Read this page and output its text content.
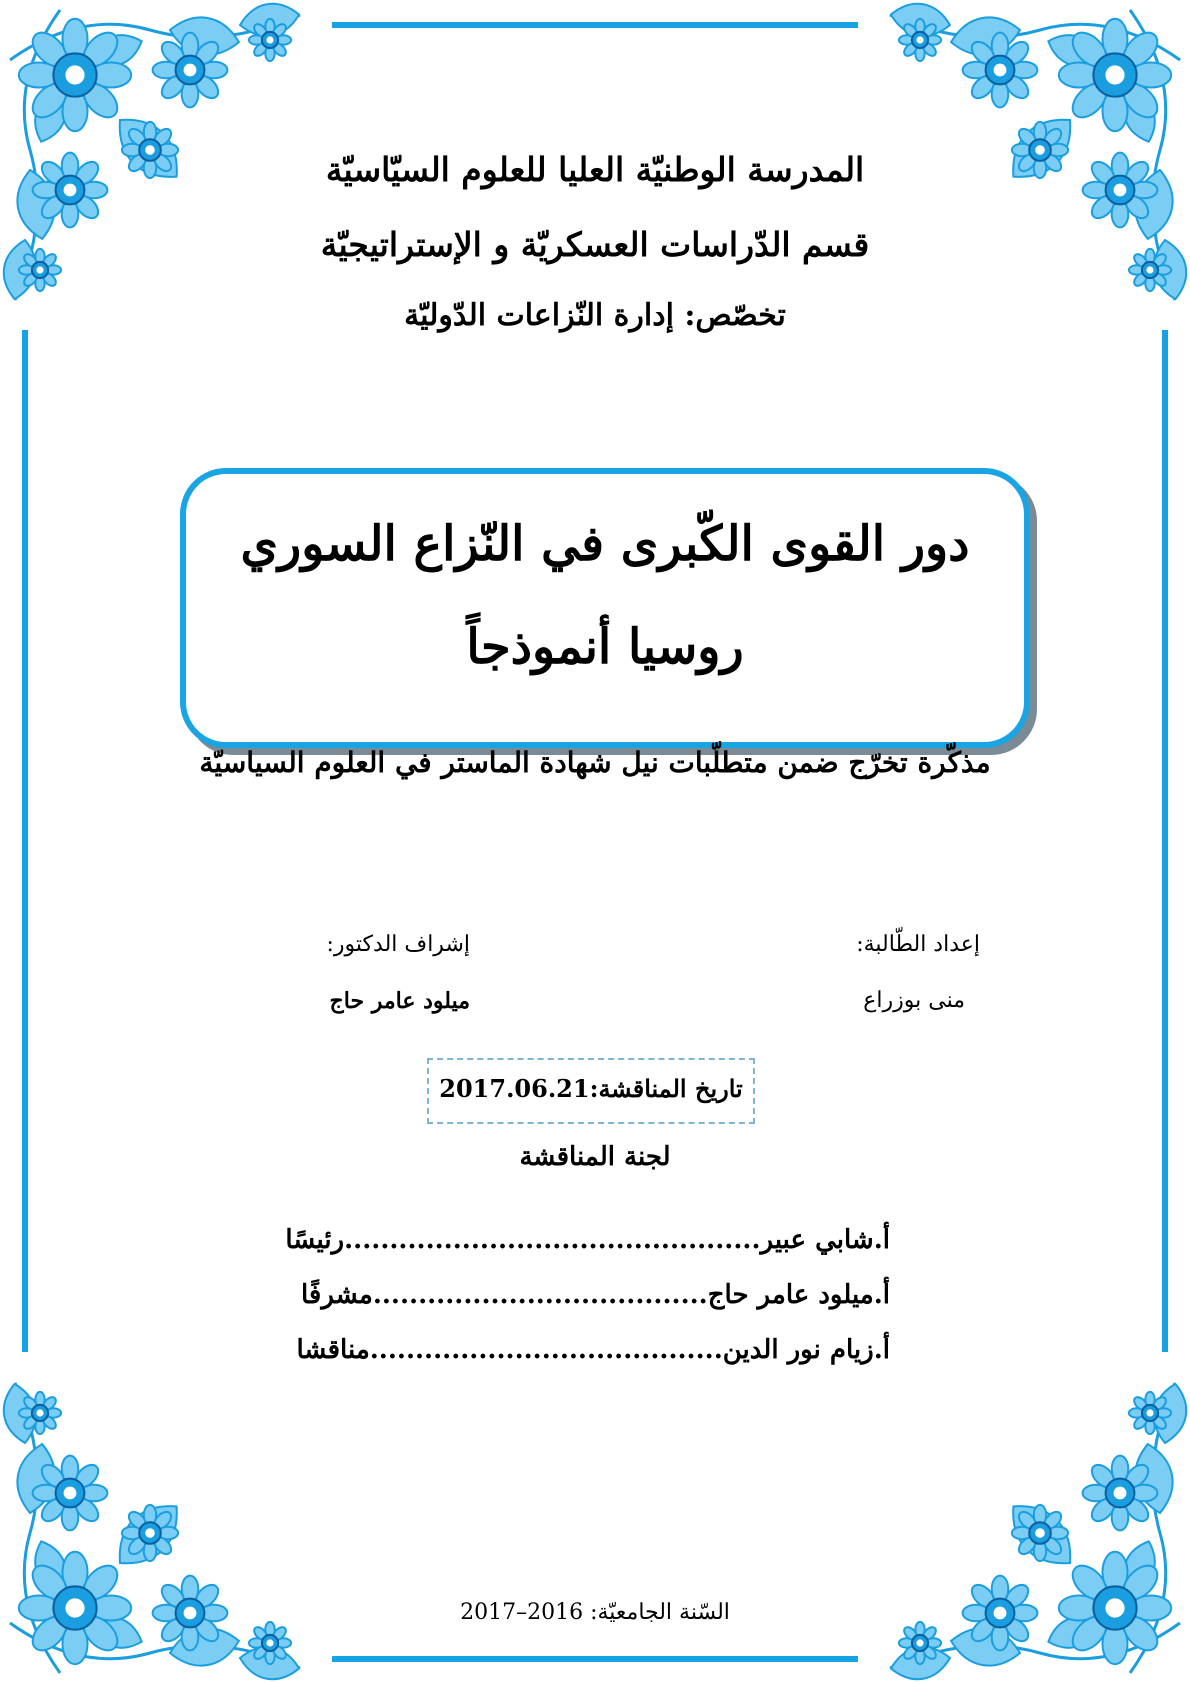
المدرسة الوطنيّة العليا للعلوم السيّاسيّة
قسم الدّراسات العسكريّة و الإستراتيجيّة
تخصّص: إدارة النّزاعات الدّوليّة
دور القوى الكّبرى في النّزاع السوري
روسيا أنموذجاً
مذكّرة تخرّج ضمن متطلّبات نيل شهادة الماستر في العلوم السياسيّة
إعداد الطّالبة:
منى بوزراع
إشراف الدكتور:
ميلود عامر حاج
تاريخ المناقشة:2017.06.21
لجنة المناقشة
أ.شابي عبير..............................................رئيسًا
أ.ميلود عامر حاج.....................................مشرفًا
أ.زيام نور الدين.......................................مناقشا
السّنة الجامعيّة: 2016–2017
